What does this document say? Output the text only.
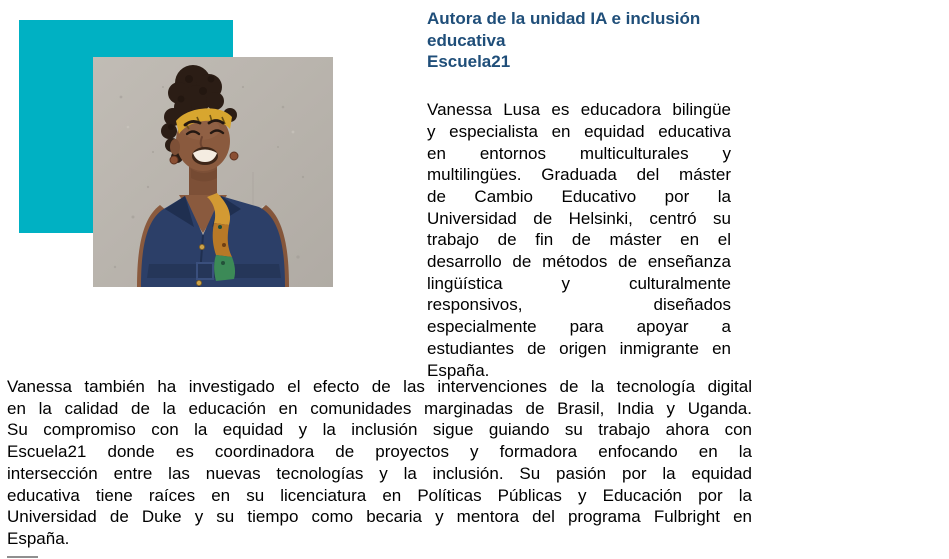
Autora de la unidad IA e inclusión educativa
Escuela21
Vanessa Lusa es educadora bilingüe
y especialista en equidad educativa
en entornos multiculturales y
multilingües. Graduada del máster
de Cambio Educativo por la
Universidad de Helsinki, centró su
trabajo de fin de máster en el
desarrollo de métodos de enseñanza
lingüística y culturalmente
responsivos, diseñados
especialmente para apoyar a
estudiantes de origen inmigrante en
España.
Vanessa también ha investigado el efecto de las intervenciones de la tecnología digital
en la calidad de la educación en comunidades marginadas de Brasil, India y Uganda.
Su compromiso con la equidad y la inclusión sigue guiando su trabajo ahora con
Escuela21 donde es coordinadora de proyectos y formadora enfocando en la
intersección entre las nuevas tecnologías y la inclusión. Su pasión por la equidad
educativa tiene raíces en su licenciatura en Políticas Públicas y Educación por la
Universidad de Duke y su tiempo como becaria y mentora del programa Fulbright en
España.
